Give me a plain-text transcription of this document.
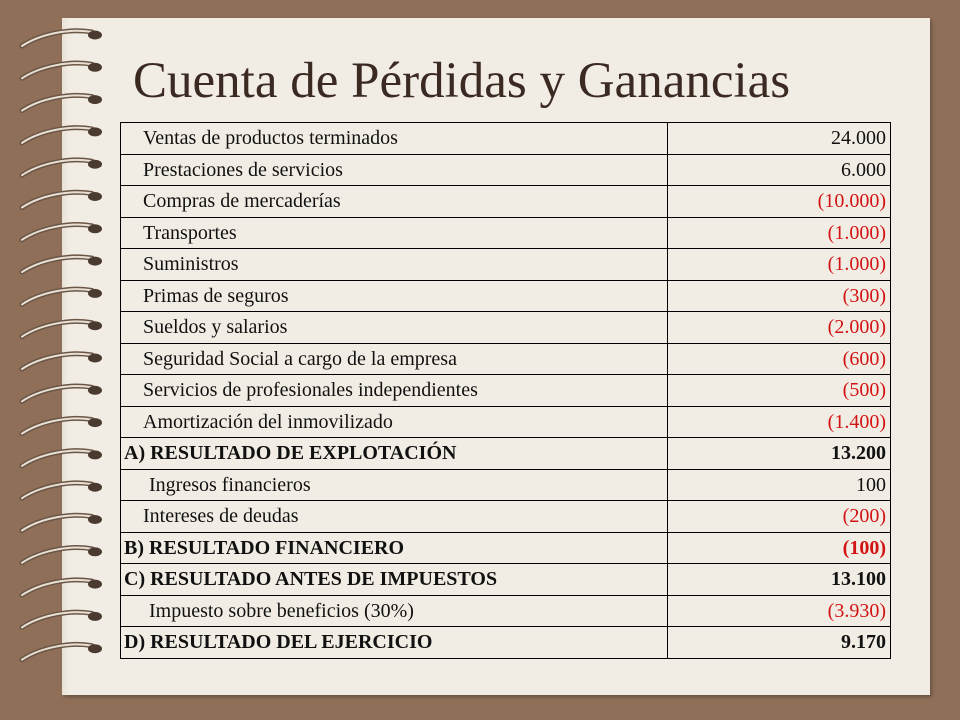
Cuenta de Pérdidas y Ganancias
Ventas de productos terminados	24.000
Prestaciones de servicios	6.000
Compras de mercaderías	(10.000)
Transportes	(1.000)
Suministros	(1.000)
Primas de seguros	(300)
Sueldos y salarios	(2.000)
Seguridad Social a cargo de la empresa	(600)
Servicios de profesionales independientes	(500)
Amortización del inmovilizado	(1.400)
A) RESULTADO DE EXPLOTACIÓN	13.200
Ingresos financieros	100
Intereses de deudas	(200)
B) RESULTADO FINANCIERO	(100)
C) RESULTADO ANTES DE IMPUESTOS	13.100
Impuesto sobre beneficios (30%)	(3.930)
D) RESULTADO DEL EJERCICIO	9.170
